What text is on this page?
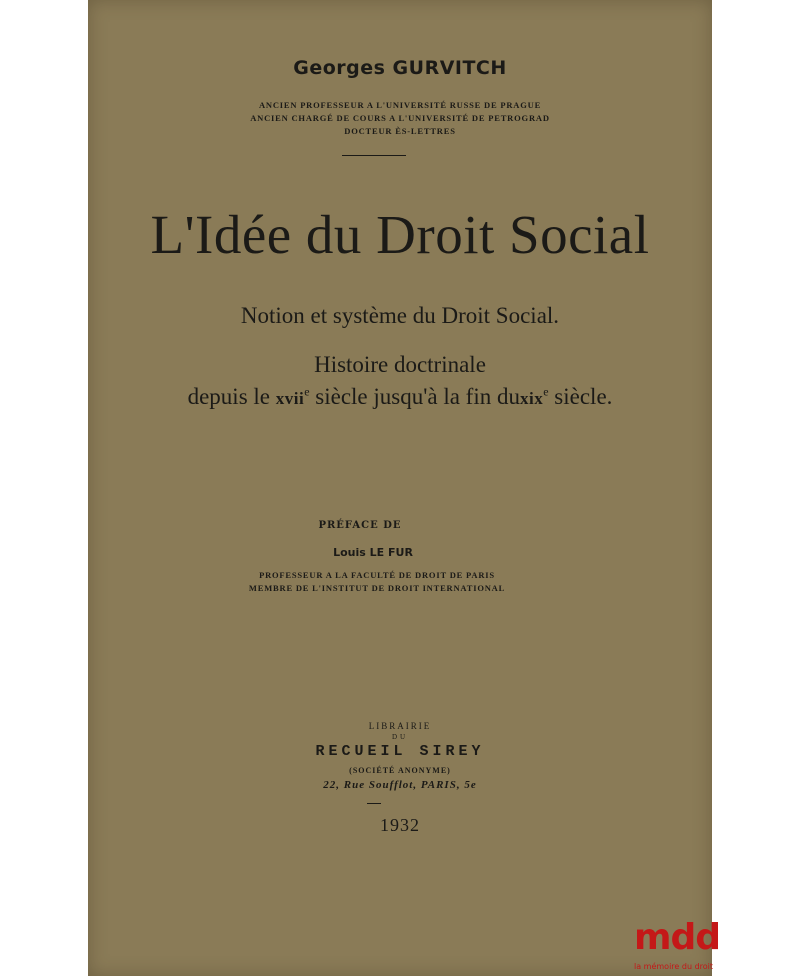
Georges GURVITCH
ANCIEN PROFESSEUR A L'UNIVERSITÉ RUSSE DE PRAGUE
ANCIEN CHARGÉ DE COURS A L'UNIVERSITÉ DE PETROGRAD
DOCTEUR ÈS-LETTRES
L'Idée du Droit Social
Notion et système du Droit Social.
Histoire doctrinale
depuis le xvii$^e$ siècle jusqu'à la fin duxix$^e$ siècle.
PRÉFACE DE
Louis LE FUR
PROFESSEUR A LA FACULTÉ DE DROIT DE PARIS
MEMBRE DE L'INSTITUT DE DROIT INTERNATIONAL
LIBRAIRIE
DU
RECUEIL SIREY
(SOCIÉTÉ ANONYME)
22, Rue Soufflot, PARIS, 5e
1932
mdd
la mémoire du droit
